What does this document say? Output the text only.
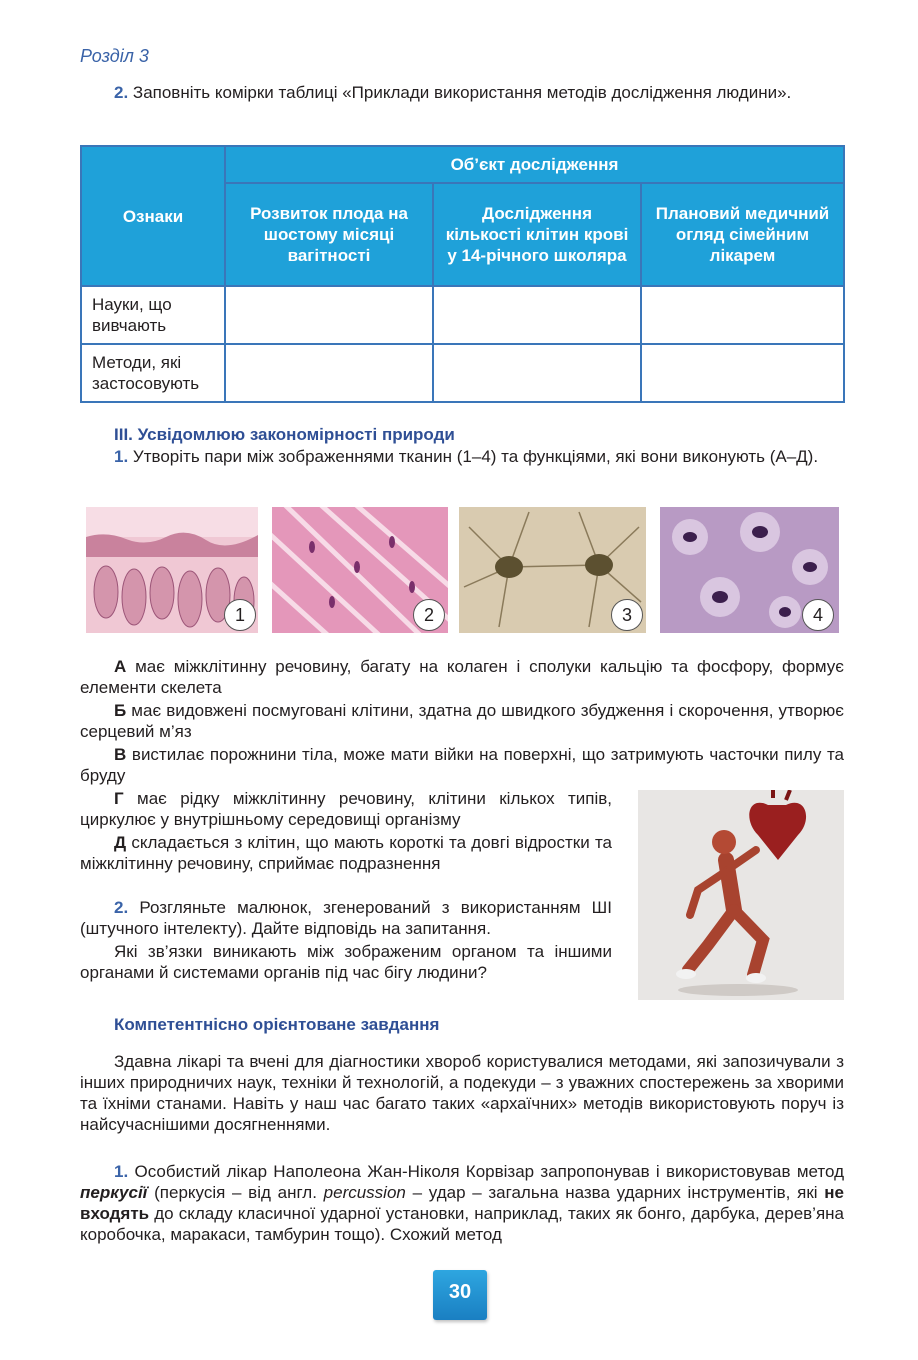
Розділ 3
2. Заповніть комірки таблиці «Приклади використання методів дослідження людини».
Ознаки	Об’єкт дослідження		
	Розвиток плода на шостому місяці вагітності	Дослідження кількості клітин крові у 14-річного школяра	Плановий медичний огляд сімейним лікарем
Науки, що вивчають			
Методи, які застосовують			
ІІІ. Усвідомлюю закономірності природи
1. Утворіть пари між зображеннями тканин (1–4) та функціями, які вони виконують (А–Д).
1	2	3	4
А має міжклітинну речовину, багату на колаген і сполуки кальцію та фосфору, формує елементи скелета
Б має видовжені посмуговані клітини, здатна до швидкого збудження і скорочення, утворює серцевий м’яз
В вистилає порожнини тіла, може мати війки на поверхні, що затримують часточки пилу та бруду
Г має рідку міжклітинну речовину, клітини кількох типів, циркулює у внутрішньому середовищі організму
Д складається з клітин, що мають короткі та довгі відростки та міжклітинну речовину, сприймає подразнення
2. Розгляньте малюнок, згенерований з використанням ШІ (штучного інтелекту). Дайте відповідь на запитання.
Які зв’язки виникають між зображеним органом та іншими органами й системами органів під час бігу людини?
Компетентнісно орієнтоване завдання
Здавна лікарі та вчені для діагностики хвороб користувалися методами, які запозичували з інших природничих наук, техніки й технологій, а подекуди – з уважних спостережень за хворими та їхніми станами. Навіть у наш час багато таких «архаїчних» методів використовують поруч із найсучаснішими досягненнями.
1. Особистий лікар Наполеона Жан-Ніколя Корвізар запропонував і використовував метод перкусії (перкусія – від англ. percussion – удар – загальна назва ударних інструментів, які не входять до складу класичної ударної установки, наприклад, таких як бонго, дарбука, дерев’яна коробочка, маракаси, тамбурин тощо). Схожий метод
30
